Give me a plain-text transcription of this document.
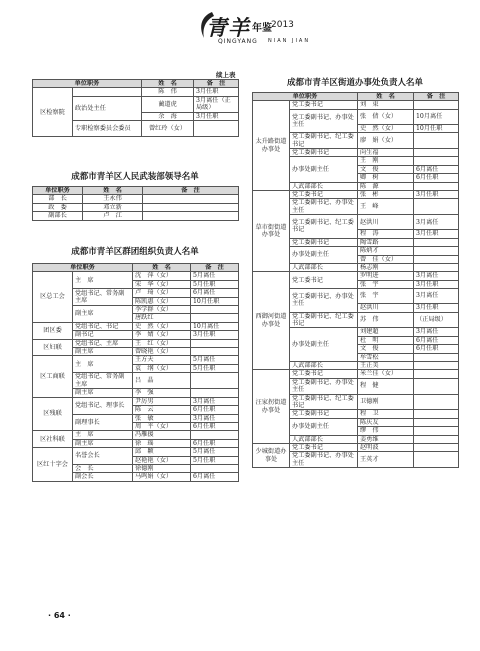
青羊 年鉴 2013
QINGYANG NIAN JIAN
续上表
单位职务		姓　名	备　注
区检察院		陈　伟	3月任职
	政治处主任	蔺道虎	3月离任（正局级）
		余　海	3月任职
	专职检察委员会委员	曾红玲（女）	
成都市青羊区人民武装部领导名单
单位职务	姓　名	备　注
部　长	王永伟	
政　委	邓立新	
副部长	卢　江	
成都市青羊区群团组织负责人名单
单位职务		姓　名	备　注
区总工会	主　席	沈　萍（女）	5月离任
		宋　华（女）	5月任职
	党组书记、常务副主席	卢　琦（女）	6月离任
		陈凯惠（女）	10月任职
	副主席	李学群（女）	
		唐跃红	
团区委	党组书记、书记	史　然（女）	10月离任
	副书记	李　婧（女）	3月任职
区妇联	党组书记、主席	王　红（女）	
	副主席	曾晓艳（女）	
区工商联	主　席	王方天	5月离任
		袁　纲（女）	5月任职
	党组书记、常务副主席	吕　晶	
	副主席	李　强	
区残联	党组书记、理事长	尹厉男	3月离任
		陈　云	6月任职
	副理事长	张　敏	3月离任
		周　平（女）	6月任职
区社科联	主　席	冯雁援	
	副主席	徐　瑶	6月任职
区红十字会	名誉会长	邱　颖	5月离任
		赵艳艳（女）	5月任职
	会　长	徐德刚	
	副会长	马鸣娟（女）	6月离任
成都市青羊区街道办事处负责人名单
单位职务		姓　名	备　注
太升路街道办事处	党工委书记	刘　束	
	党工委副书记、办事处主任	张　倩（女）	10月离任
		史　然（女）	10月任职
	党工委副书记、纪工委书记	廖　娟（女）	
	党工委副书记	向生福	
	办事处副主任	王　刚	
		文　俊	6月离任
		卿　树	6月任职
	人武部部长	陈　源	
草市街街道办事处	党工委书记	张　彬	3月任职
	党工委副书记、办事处主任	王　峰	
	党工委副书记、纪工委书记	赵洪川	3月离任
		程　涛	3月任职
	党工委副书记	陶雪路	
	办事处副主任	陈炳才	
		曾　佳（女）	
	人武部部长	杨志刚	
西御河街道办事处	党工委书记	罗明进	3月离任
		张　宇	3月任职
	党工委副书记、办事处主任	张　宇	3月离任
		赵洪川	3月任职
	党工委副书记、纪工委书记	苏　伟	（正局级）
	办事处副主任	刘建超	3月离任
		杜　明	6月离任
		文　俊	6月任职
		牟雪松	
	人武部部长	王正美	
汪家拐街道办事处	党工委书记	米兰佳（女）	
	党工委副书记、办事处主任	程　健	
	党工委副书记、纪工委书记	卫德刚	
	党工委副书记	程　卫	
	办事处副主任	陈庆友	
		缪　伟	
	人武部部长	姜勇维	
少城街道办事处	党工委书记	赵明波	
	党工委副书记、办事处主任	王英才	
· 64 ·
